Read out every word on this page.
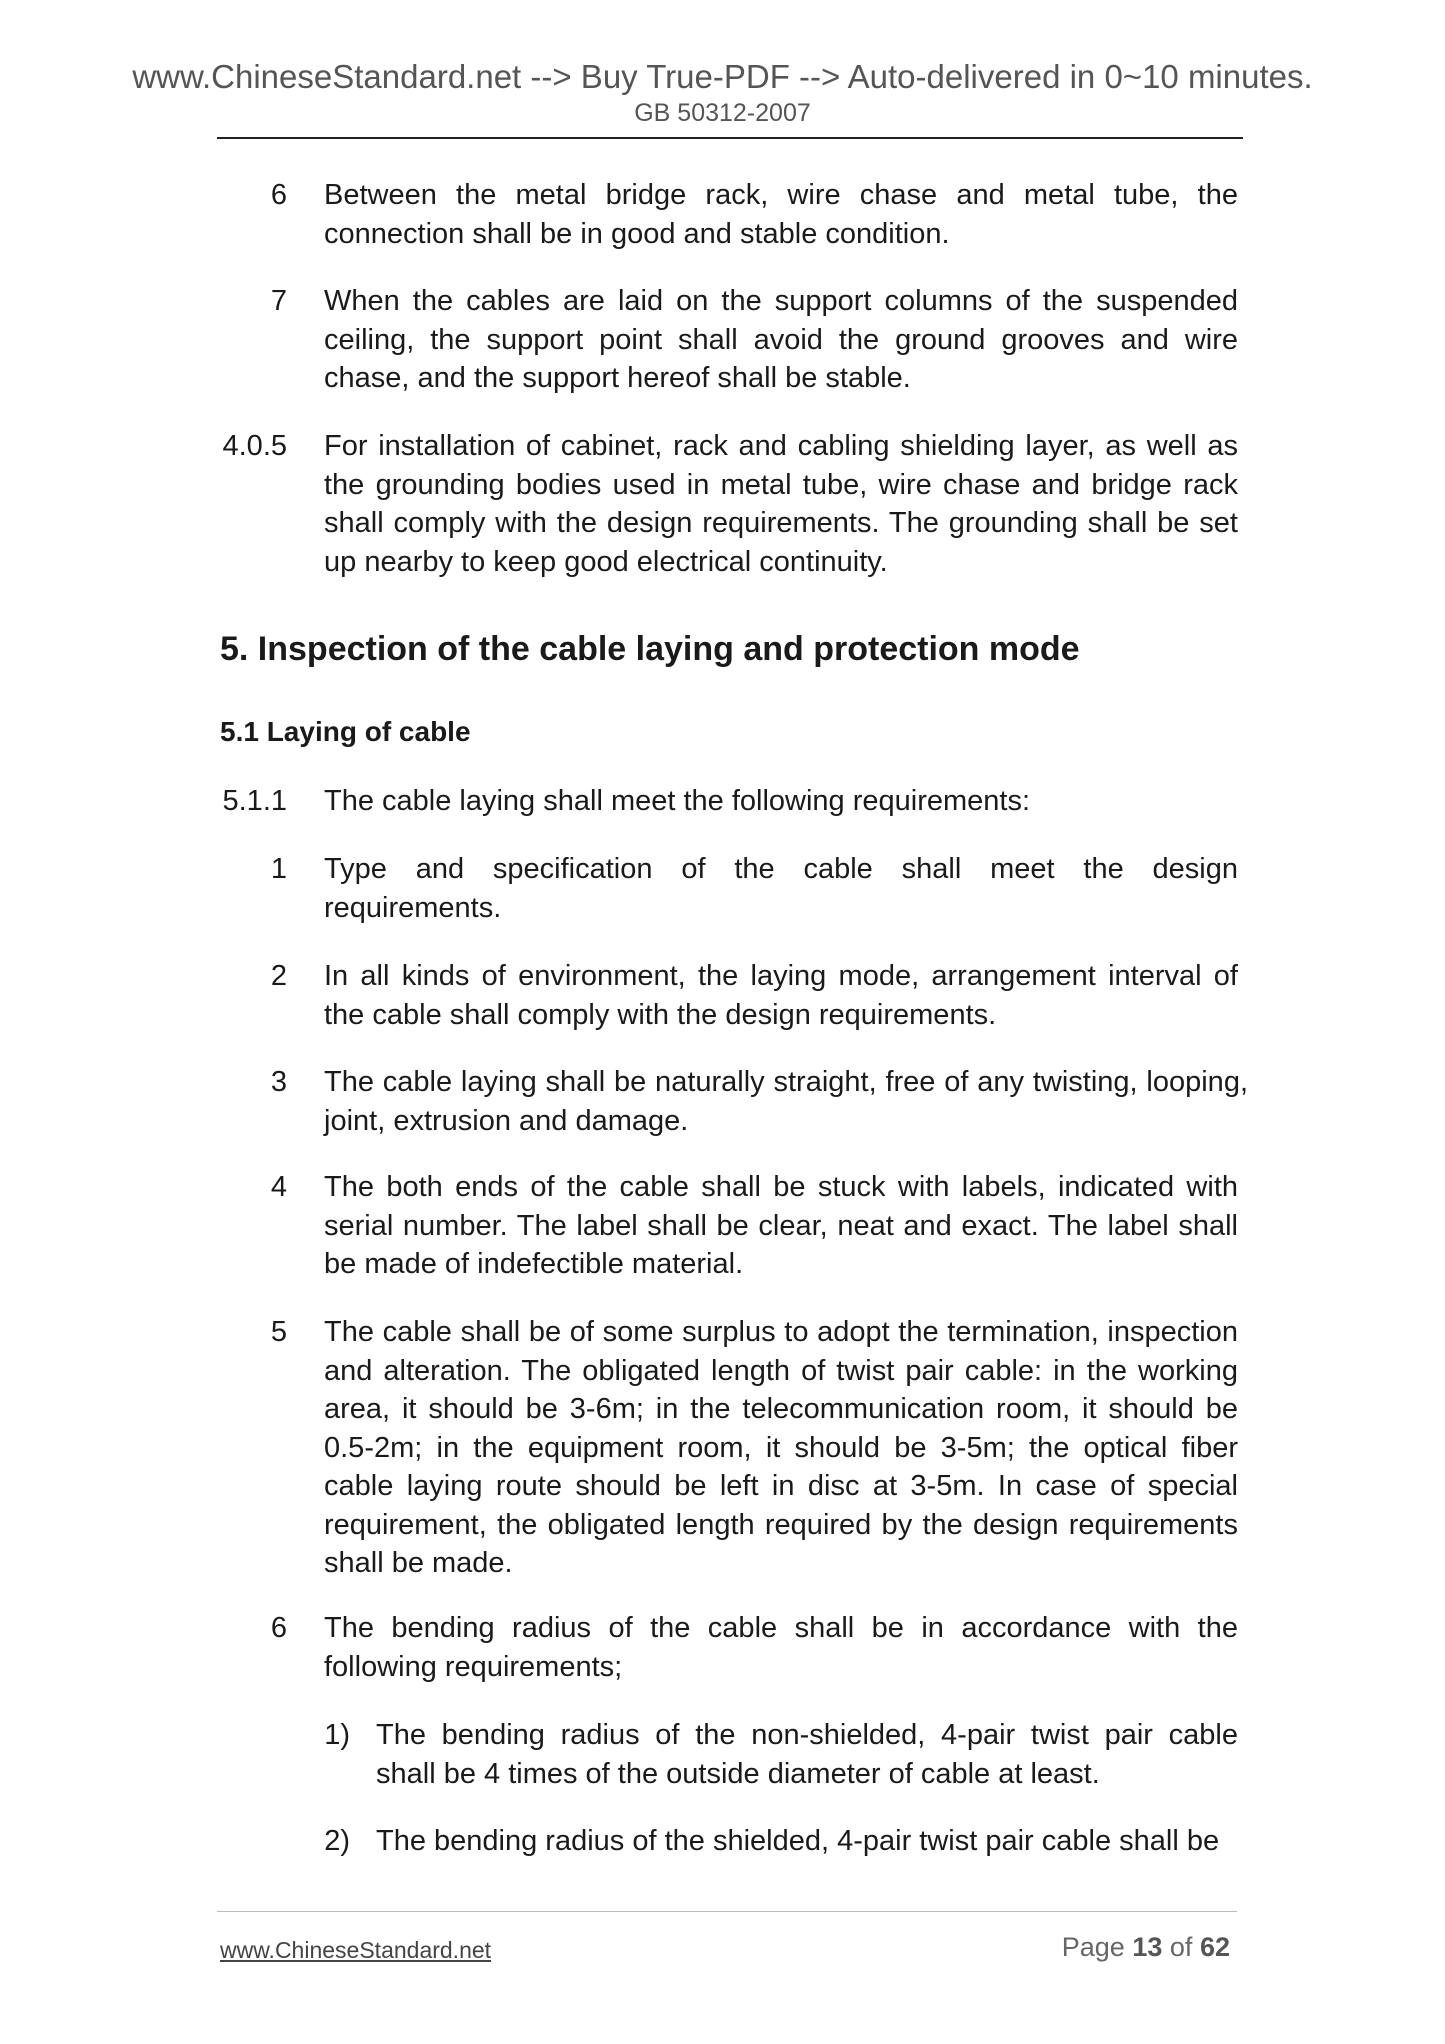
www.ChineseStandard.net --> Buy True-PDF --> Auto-delivered in 0~10 minutes.
GB 50312-2007
5. Inspection of the cable laying and protection mode
5.1 Laying of cable
6 Between the metal bridge rack, wire chase and metal tube, the
connection shall be in good and stable condition.
7 When the cables are laid on the support columns of the suspended
ceiling, the support point shall avoid the ground grooves and wire
chase, and the support hereof shall be stable.
4.0.5 For installation of cabinet, rack and cabling shielding layer, as well as
the grounding bodies used in metal tube, wire chase and bridge rack
shall comply with the design requirements. The grounding shall be set
up nearby to keep good electrical continuity.
5.1.1 The cable laying shall meet the following requirements:
1 Type and specification of the cable shall meet the design
requirements.
2 In all kinds of environment, the laying mode, arrangement interval of
the cable shall comply with the design requirements.
3 The cable laying shall be naturally straight, free of any twisting, looping,
joint, extrusion and damage.
4 The both ends of the cable shall be stuck with labels, indicated with
serial number. The label shall be clear, neat and exact. The label shall
be made of indefectible material.
5 The cable shall be of some surplus to adopt the termination, inspection
and alteration. The obligated length of twist pair cable: in the working
area, it should be 3-6m; in the telecommunication room, it should be
0.5-2m; in the equipment room, it should be 3-5m; the optical fiber
cable laying route should be left in disc at 3-5m. In case of special
requirement, the obligated length required by the design requirements
shall be made.
6 The bending radius of the cable shall be in accordance with the
following requirements;
1) The bending radius of the non-shielded, 4-pair twist pair cable
shall be 4 times of the outside diameter of cable at least.
2) The bending radius of the shielded, 4-pair twist pair cable shall be
www.ChineseStandard.net	Page 13 of 62
